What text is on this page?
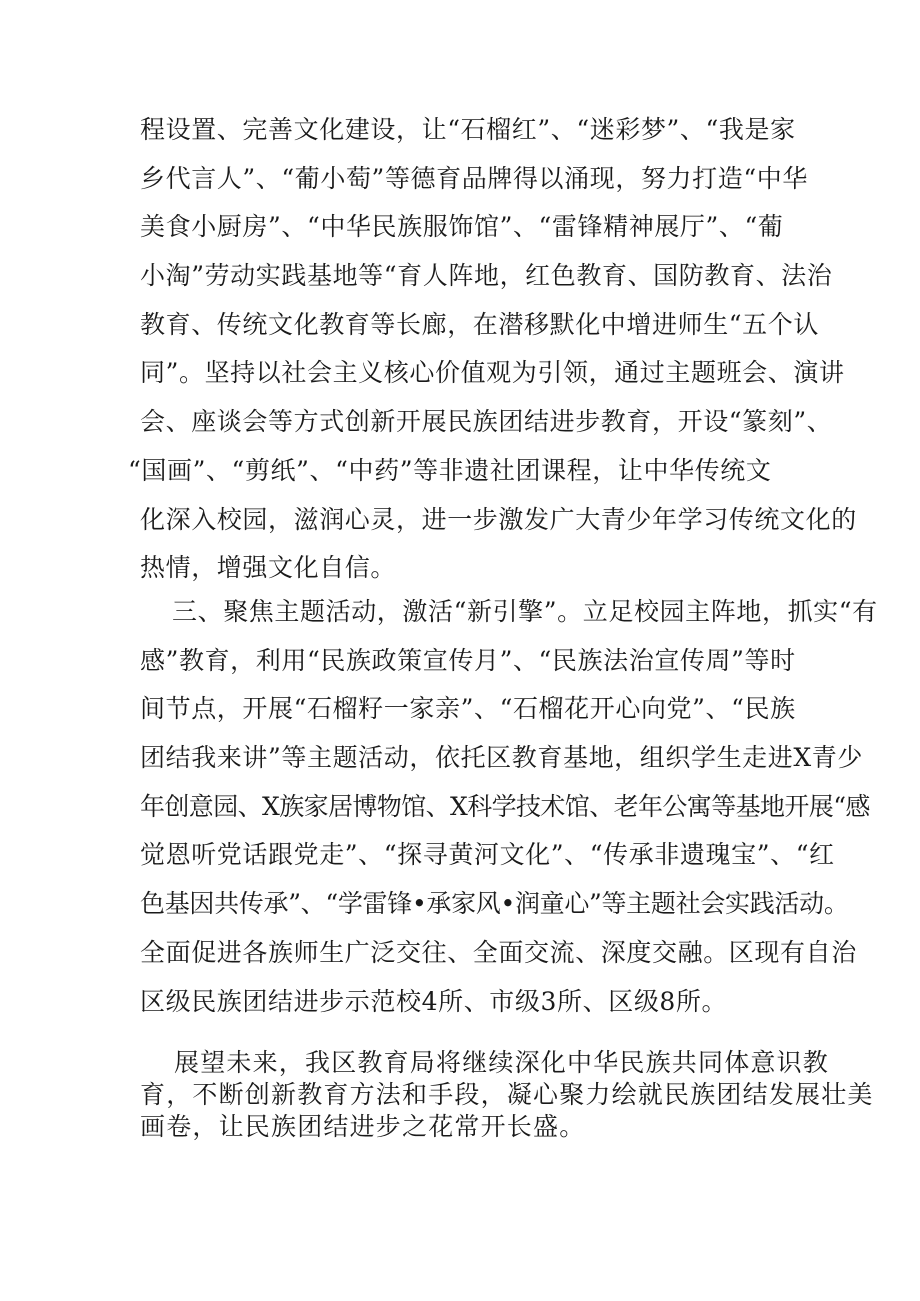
程设置、完善文化建设，让“石榴红”、“迷彩梦”、“我是家
乡代言人”、“葡小萄”等德育品牌得以涌现，努力打造“中华
美食小厨房”、“中华民族服饰馆”、“雷锋精神展厅”、“葡
小淘”劳动实践基地等“育人阵地，红色教育、国防教育、法治
教育、传统文化教育等长廊，在潜移默化中增进师生“五个认
同”。坚持以社会主义核心价值观为引领，通过主题班会、演讲
会、座谈会等方式创新开展民族团结进步教育，开设“篆刻”、
“国画”、“剪纸”、“中药”等非遗社团课程，让中华传统文
化深入校园，滋润心灵，进一步激发广大青少年学习传统文化的
热情，增强文化自信。
三、聚焦主题活动，激活“新引擎”。立足校园主阵地，抓实“有
感”教育，利用“民族政策宣传月”、“民族法治宣传周”等时
间节点，开展“石榴籽一家亲”、“石榴花开心向党”、“民族
团结我来讲”等主题活动，依托区教育基地，组织学生走进X青少
年创意园、X族家居博物馆、X科学技术馆、老年公寓等基地开展“感
觉恩听党话跟党走”、“探寻黄河文化”、“传承非遗瑰宝”、“红
色基因共传承”、“学雷锋•承家风•润童心”等主题社会实践活动。
全面促进各族师生广泛交往、全面交流、深度交融。区现有自治
区级民族团结进步示范校4所、市级3所、区级8所。
展望未来，我区教育局将继续深化中华民族共同体意识教
育，不断创新教育方法和手段，凝心聚力绘就民族团结发展壮美
画卷，让民族团结进步之花常开长盛。
